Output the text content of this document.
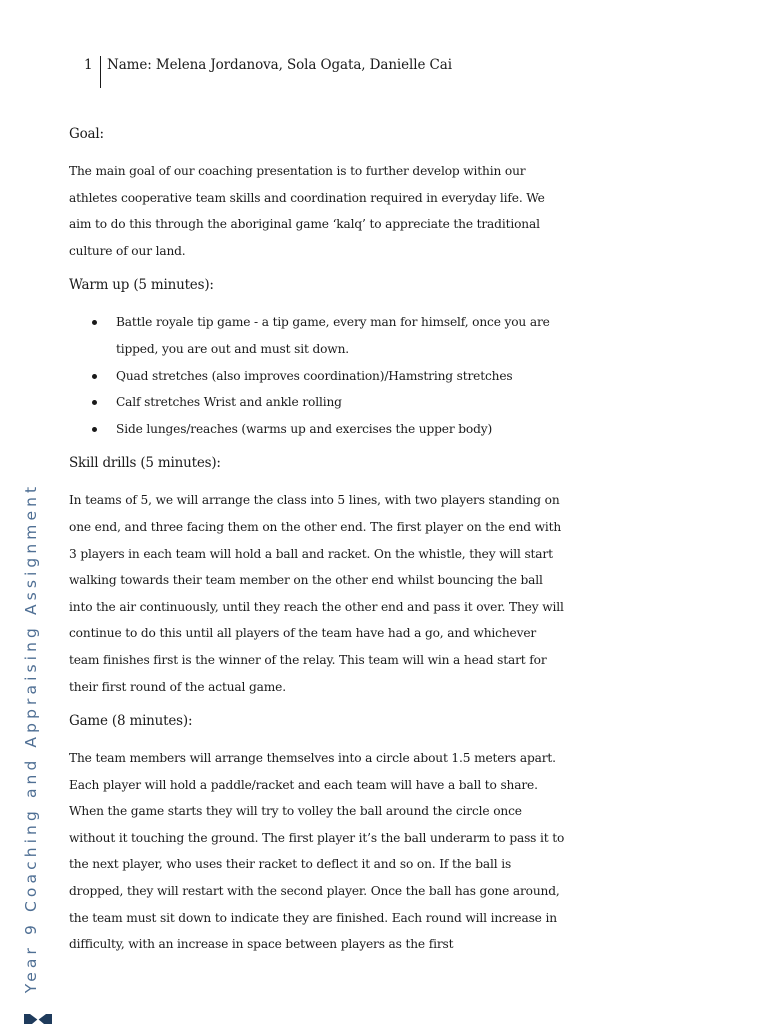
1	Name: Melena Jordanova, Sola Ogata, Danielle Cai
Goal:

The main goal of our coaching presentation is to further develop within our athletes cooperative team skills and coordination required in everyday life. We aim to do this through the aboriginal game ‘kalq’ to appreciate the traditional culture of our land.

Warm up (5 minutes):
Battle royale tip game - a tip game, every man for himself, once you are tipped, you are out and must sit down.
Quad stretches (also improves coordination)/Hamstring stretches
Calf stretches Wrist and ankle rolling
Side lunges/reaches (warms up and exercises the upper body)
Skill drills (5 minutes):

In teams of 5, we will arrange the class into 5 lines, with two players standing on one end, and three facing them on the other end. The first player on the end with 3 players in each team will hold a ball and racket. On the whistle, they will start walking towards their team member on the other end whilst bouncing the ball into the air continuously, until they reach the other end and pass it over. They will continue to do this until all players of the team have had a go, and whichever team finishes first is the winner of the relay. This team will win a head start for their first round of the actual game.

Game (8 minutes):

The team members will arrange themselves into a circle about 1.5 meters apart. Each player will hold a paddle/racket and each team will have a ball to share. When the game starts they will try to volley the ball around the circle once without it touching the ground. The first player it’s the ball underarm to pass it to the next player, who uses their racket to deflect it and so on. If the ball is dropped, they will restart with the second player. Once the ball has gone around, the team must sit down to indicate they are finished. Each round will increase in difficulty, with an increase in space between players as the first

Year 9 Coaching and Appraising Assignment
